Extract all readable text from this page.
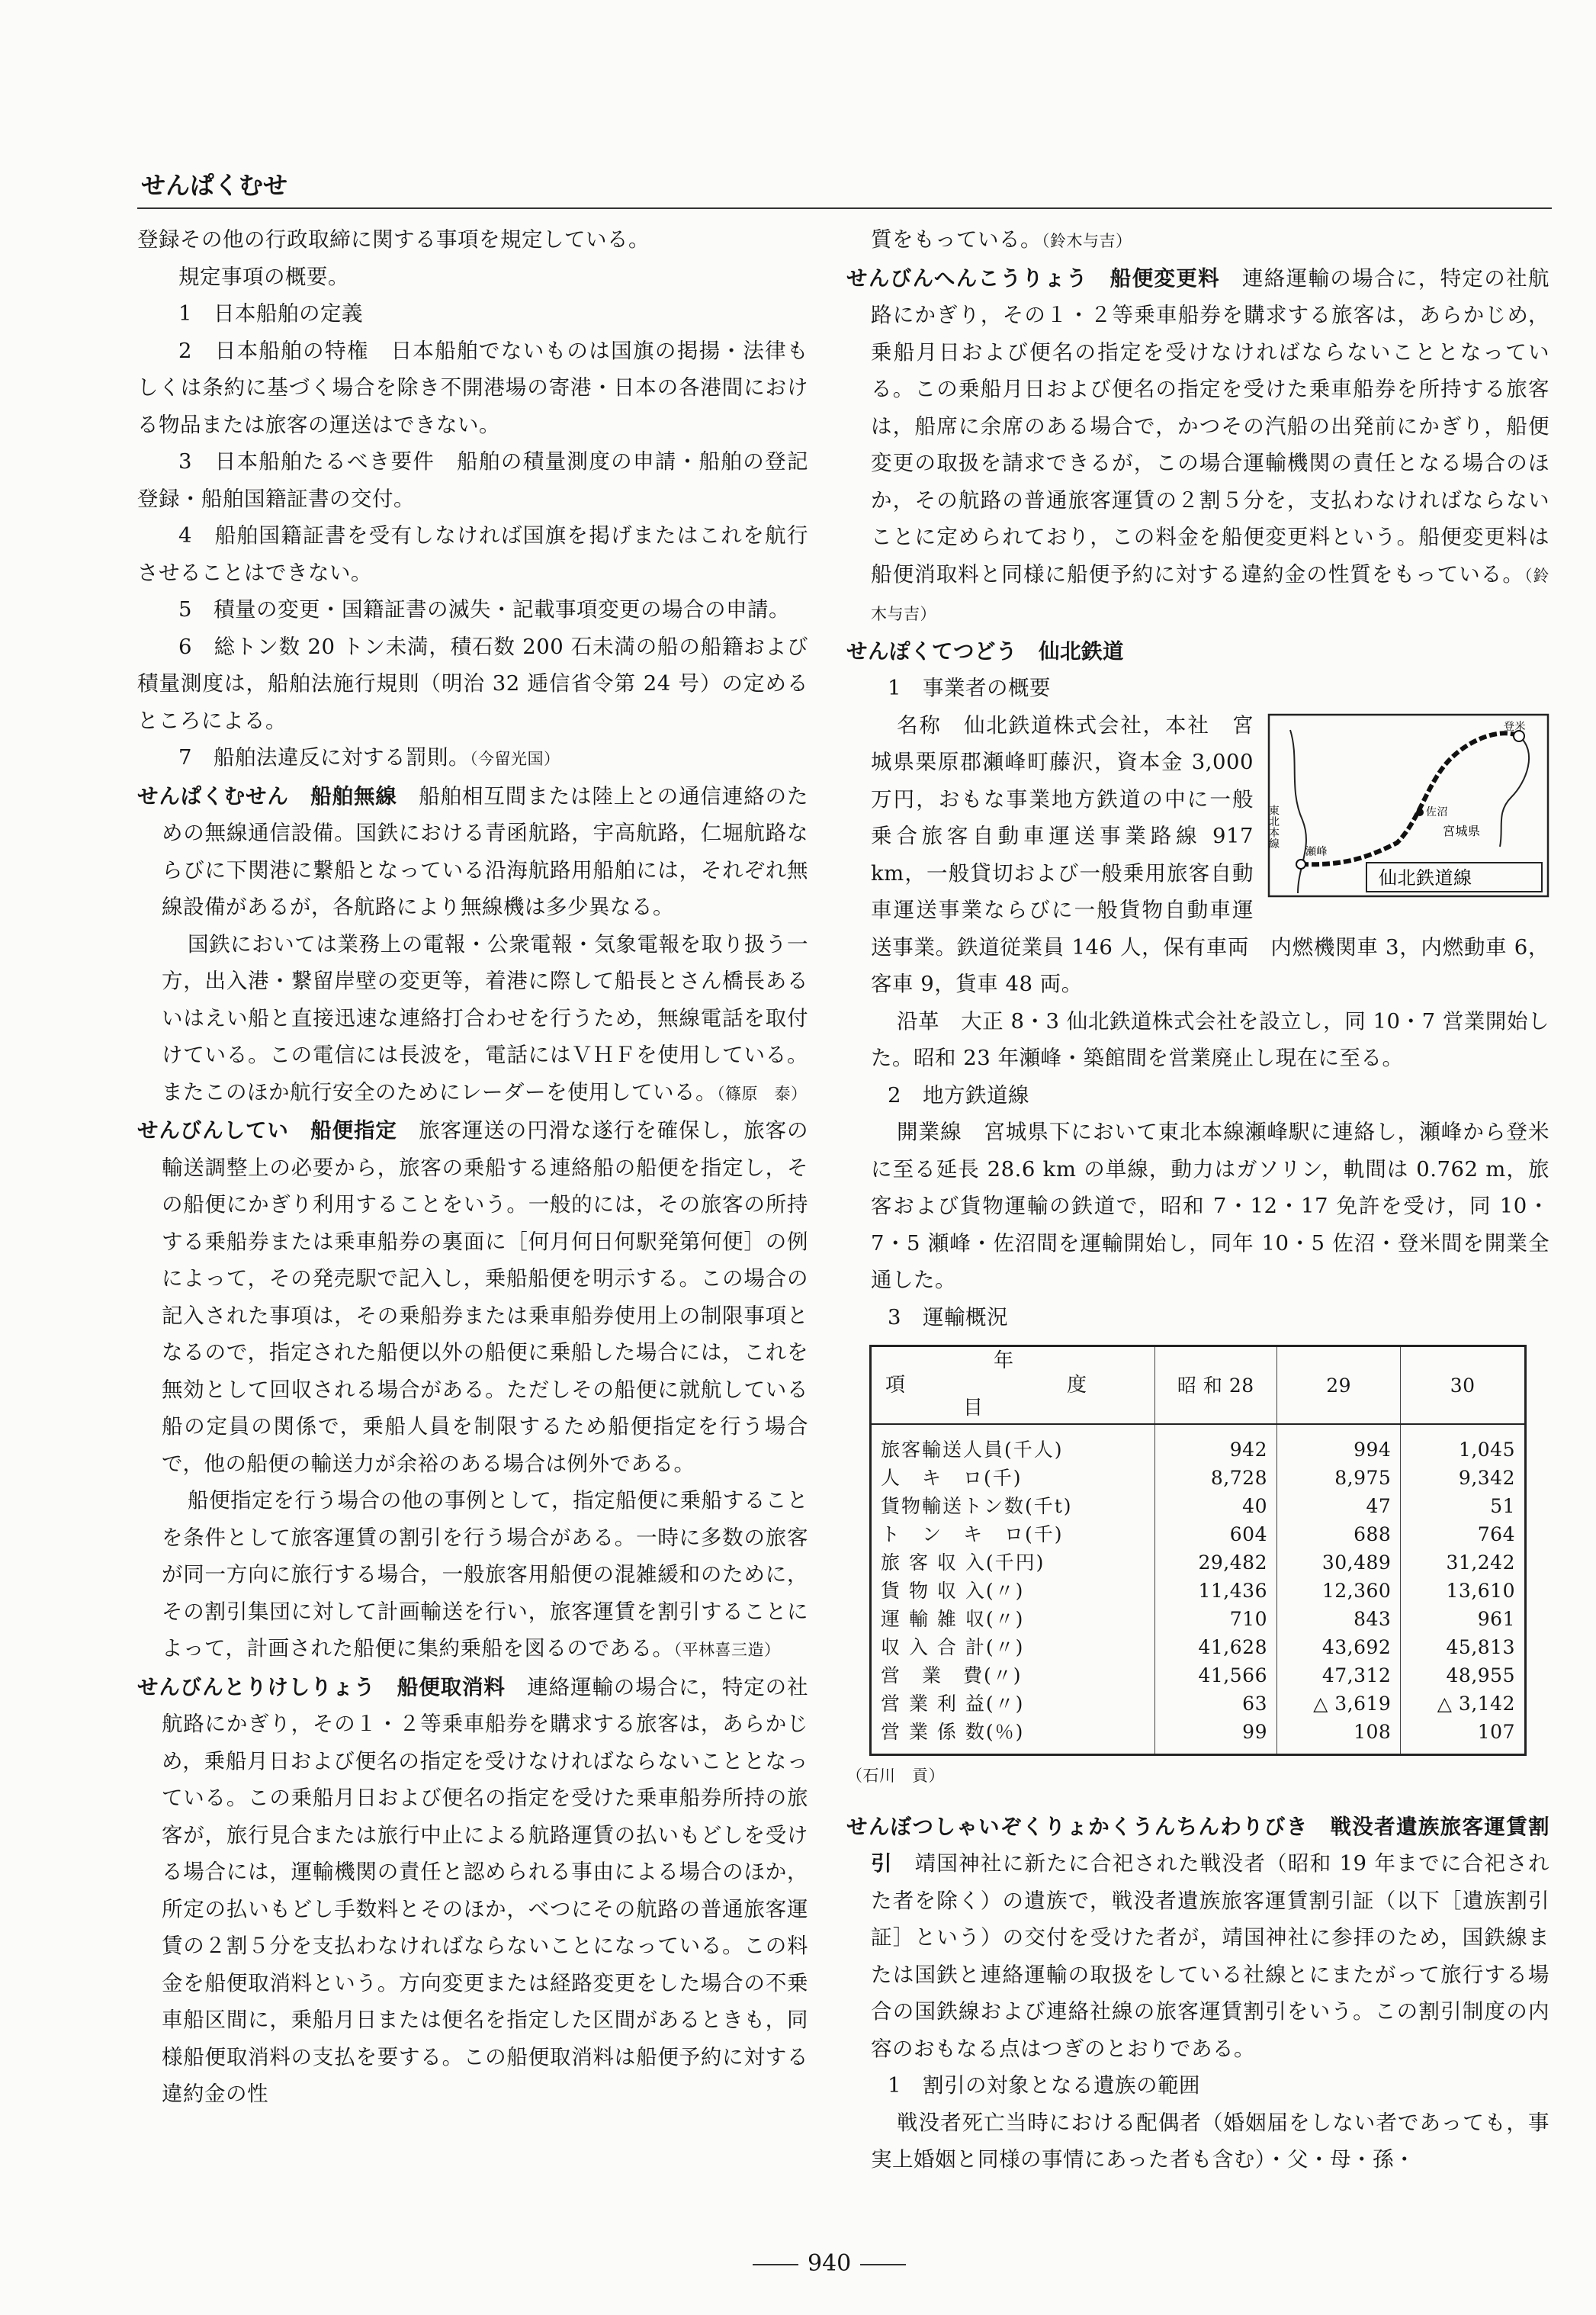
せんぱくむせ

登録その他の行政取締に関する事項を規定している。

規定事項の概要。

1　日本船舶の定義

2　日本船舶の特権　日本船舶でないものは国旗の掲揚・法律もしくは条約に基づく場合を除き不開港場の寄港・日本の各港間における物品または旅客の運送はできない。

3　日本船舶たるべき要件　船舶の積量測度の申請・船舶の登記登録・船舶国籍証書の交付。

4　船舶国籍証書を受有しなければ国旗を掲げまたはこれを航行させることはできない。

5　積量の変更・国籍証書の滅失・記載事項変更の場合の申請。

6　総トン数 20 トン未満，積石数 200 石未満の船の船籍および積量測度は，船舶法施行規則（明治 32 逓信省令第 24 号）の定めるところによる。

7　船舶法違反に対する罰則。（今留光国）

せんぱくむせん　船舶無線　船舶相互間または陸上との通信連絡のための無線通信設備。国鉄における青函航路，宇高航路，仁堀航路ならびに下関港に繋船となっている沿海航路用船舶には，それぞれ無線設備があるが，各航路により無線機は多少異なる。

国鉄においては業務上の電報・公衆電報・気象電報を取り扱う一方，出入港・繋留岸壁の変更等，着港に際して船長とさん橋長あるいはえい船と直接迅速な連絡打合わせを行うため，無線電話を取付けている。この電信には長波を，電話にはＶＨＦを使用している。またこのほか航行安全のためにレーダーを使用している。（篠原　泰）

せんびんしてい　船便指定　旅客運送の円滑な遂行を確保し，旅客の輸送調整上の必要から，旅客の乗船する連絡船の船便を指定し，その船便にかぎり利用することをいう。一般的には，その旅客の所持する乗船券または乗車船券の裏面に［何月何日何駅発第何便］の例によって，その発売駅で記入し，乗船船便を明示する。この場合の記入された事項は，その乗船券または乗車船券使用上の制限事項となるので，指定された船便以外の船便に乗船した場合には，これを無効として回収される場合がある。ただしその船便に就航している船の定員の関係で，乗船人員を制限するため船便指定を行う場合で，他の船便の輸送力が余裕のある場合は例外である。

船便指定を行う場合の他の事例として，指定船便に乗船することを条件として旅客運賃の割引を行う場合がある。一時に多数の旅客が同一方向に旅行する場合，一般旅客用船便の混雑緩和のために，その割引集団に対して計画輸送を行い，旅客運賃を割引することによって，計画された船便に集約乗船を図るのである。（平林喜三造）

せんびんとりけしりょう　船便取消料　連絡運輸の場合に，特定の社航路にかぎり，その１・２等乗車船券を購求する旅客は，あらかじめ，乗船月日および便名の指定を受けなければならないこととなっている。この乗船月日および便名の指定を受けた乗車船券所持の旅客が，旅行見合または旅行中止による航路運賃の払いもどしを受ける場合には，運輸機関の責任と認められる事由による場合のほか，所定の払いもどし手数料とそのほか，べつにその航路の普通旅客運賃の２割５分を支払わなければならないことになっている。この料金を船便取消料という。方向変更または経路変更をした場合の不乗車船区間に，乗船月日または便名を指定した区間があるときも，同様船便取消料の支払を要する。この船便取消料は船便予約に対する違約金の性

質をもっている。（鈴木与吉）

せんびんへんこうりょう　船便変更料　連絡運輸の場合に，特定の社航路にかぎり，その１・２等乗車船券を購求する旅客は，あらかじめ，乗船月日および便名の指定を受けなければならないこととなっている。この乗船月日および便名の指定を受けた乗車船券を所持する旅客は，船席に余席のある場合で，かつその汽船の出発前にかぎり，船便変更の取扱を請求できるが，この場合運輸機関の責任となる場合のほか，その航路の普通旅客運賃の２割５分を，支払わなければならないことに定められており，この料金を船便変更料という。船便変更料は船便消取料と同様に船便予約に対する違約金の性質をもっている。（鈴木与吉）

せんぽくてつどう　仙北鉄道

1　事業者の概要

東北本線
登米
佐沼
瀬峰
宮城県
仙北鉄道線

名称　仙北鉄道株式会社，本社　宮城県栗原郡瀬峰町藤沢，資本金 3,000 万円，おもな事業地方鉄道の中に一般乗合旅客自動車運送事業路線 917 km，一般貸切および一般乗用旅客自動車運送事業ならびに一般貨物自動車運送事業。鉄道従業員 146 人，保有車両　内燃機関車 3，内燃動車 6，客車 9，貨車 48 両。

沿革　大正 8・3 仙北鉄道株式会社を設立し，同 10・7 営業開始した。昭和 23 年瀬峰・築館間を営業廃止し現在に至る。

2　地方鉄道線

開業線　宮城県下において東北本線瀬峰駅に連絡し，瀬峰から登米に至る延長 28.6 km の単線，動力はガソリン，軌間は 0.762 m，旅客および貨物運輸の鉄道で，昭和 7・12・17 免許を受け，同 10・7・5 瀬峰・佐沼間を運輸開始し，同年 10・5 佐沼・登米間を開業全通した。

3　運輸概況

年
項 度
目	昭 和 28	29	30
旅客輸送人員(千人)	942	994	1,045
人　キ　ロ(千)	8,728	8,975	9,342
貨物輸送トン数(千t)	40	47	51
ト　ン　キ　ロ(千)	604	688	764
旅 客 収 入(千円)	29,482	30,489	31,242
貨 物 収 入(〃)	11,436	12,360	13,610
運 輸 雑 収(〃)	710	843	961
収 入 合 計(〃)	41,628	43,692	45,813
営　業　費(〃)	41,566	47,312	48,955
営 業 利 益(〃)	63	△ 3,619	△ 3,142
営 業 係 数(％)	99	108	107

（石川　貢）

せんぼつしゃいぞくりょかくうんちんわりびき　戦没者遺族旅客運賃割引　靖国神社に新たに合祀された戦没者（昭和 19 年までに合祀された者を除く）の遺族で，戦没者遺族旅客運賃割引証（以下［遺族割引証］という）の交付を受けた者が，靖国神社に参拝のため，国鉄線または国鉄と連絡運輸の取扱をしている社線とにまたがって旅行する場合の国鉄線および連絡社線の旅客運賃割引をいう。この割引制度の内容のおもなる点はつぎのとおりである。

1　割引の対象となる遺族の範囲

戦没者死亡当時における配偶者（婚姻届をしない者であっても，事実上婚姻と同様の事情にあった者も含む）・父・母・孫・

940
